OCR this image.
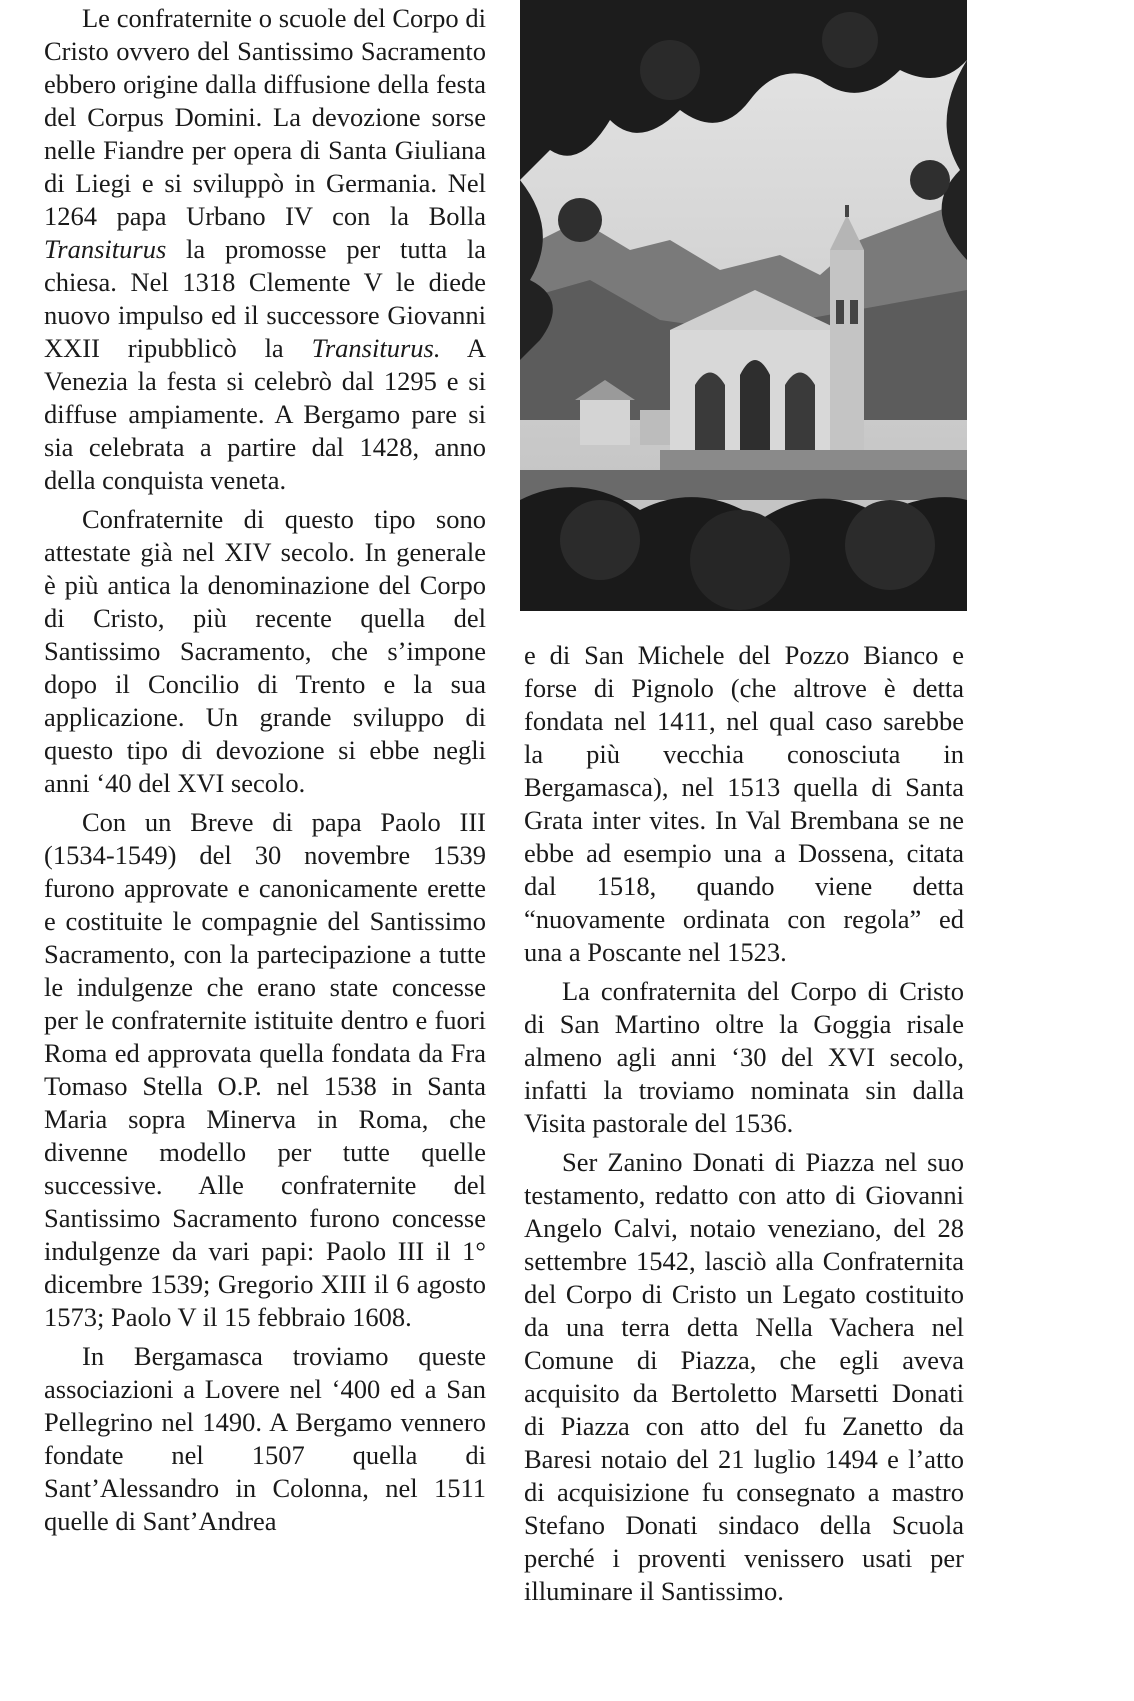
Le confraternite o scuole del Corpo di Cristo ovvero del Santissimo Sacramento ebbero origine dalla diffusione della festa del Corpus Domini. La devozione sorse nelle Fiandre per opera di Santa Giuliana di Liegi e si sviluppò in Germania. Nel 1264 papa Urbano IV con la Bolla Transiturus la promosse per tutta la chiesa. Nel 1318 Clemente V le diede nuovo impulso ed il successore Giovanni XXII ripubblicò la Transiturus. A Venezia la festa si celebrò dal 1295 e si diffuse ampiamente. A Bergamo pare si sia celebrata a partire dal 1428, anno della conquista veneta.

Confraternite di questo tipo sono attestate già nel XIV secolo. In generale è più antica la denominazione del Corpo di Cristo, più recente quella del Santissimo Sacramento, che s’impone dopo il Concilio di Trento e la sua applicazione. Un grande sviluppo di questo tipo di devozione si ebbe negli anni ‘40 del XVI secolo.

Con un Breve di papa Paolo III (1534-1549) del 30 novembre 1539 furono approvate e canonicamente erette e costituite le compagnie del Santissimo Sacramento, con la partecipazione a tutte le indulgenze che erano state concesse per le confraternite istituite dentro e fuori Roma ed approvata quella fondata da Fra Tomaso Stella O.P. nel 1538 in Santa Maria sopra Minerva in Roma, che divenne modello per tutte quelle successive. Alle confraternite del Santissimo Sacramento furono concesse indulgenze da vari papi: Paolo III il 1° dicembre 1539; Gregorio XIII il 6 agosto 1573; Paolo V il 15 febbraio 1608.

In Bergamasca troviamo queste associazioni a Lovere nel ‘400 ed a San Pellegrino nel 1490. A Bergamo vennero fondate nel 1507 quella di Sant’Alessandro in Colonna, nel 1511 quelle di Sant’Andrea

e di San Michele del Pozzo Bianco e forse di Pignolo (che altrove è detta fondata nel 1411, nel qual caso sarebbe la più vecchia conosciuta in Bergamasca), nel 1513 quella di Santa Grata inter vites. In Val Brembana se ne ebbe ad esempio una a Dossena, citata dal 1518, quando viene detta “nuovamente ordinata con regola” ed una a Poscante nel 1523.

La confraternita del Corpo di Cristo di San Martino oltre la Goggia risale almeno agli anni ‘30 del XVI secolo, infatti la troviamo nominata sin dalla Visita pastorale del 1536.

Ser Zanino Donati di Piazza nel suo testamento, redatto con atto di Giovanni Angelo Calvi, notaio veneziano, del 28 settembre 1542, lasciò alla Confraternita del Corpo di Cristo un Legato costituito da una terra detta Nella Vachera nel Comune di Piazza, che egli aveva acquisito da Bertoletto Marsetti Donati di Piazza con atto del fu Zanetto da Baresi notaio del 21 luglio 1494 e l’atto di acquisizione fu consegnato a mastro Stefano Donati sindaco della Scuola perché i proventi venissero usati per illuminare il Santissimo.
